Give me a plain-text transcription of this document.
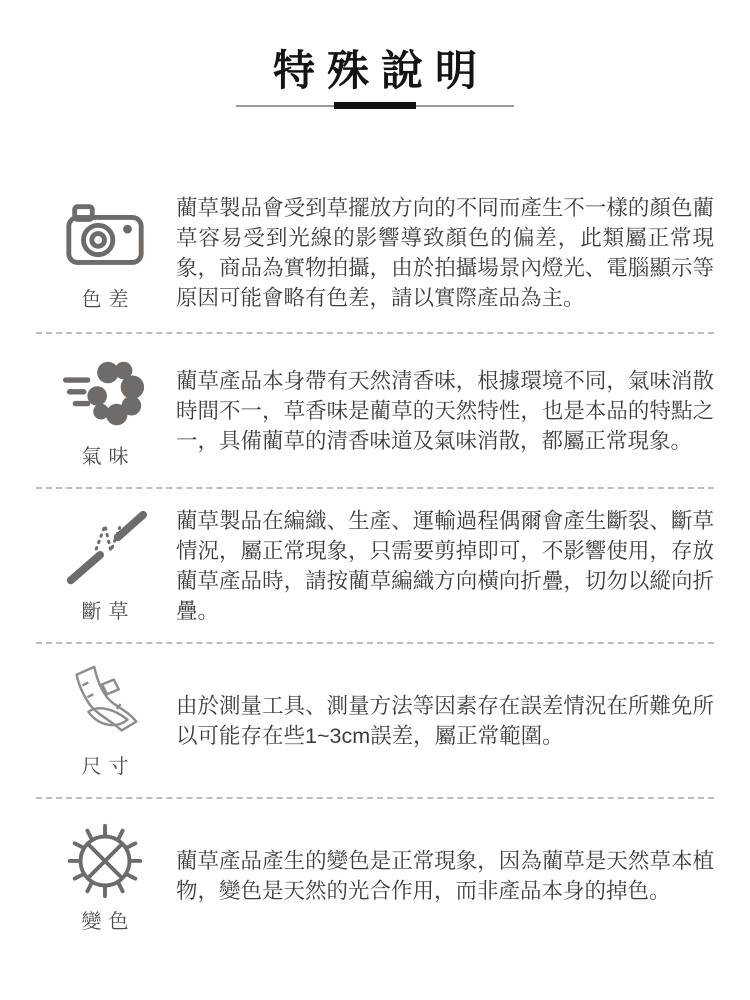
特殊說明
色差

藺草製品會受到草擺放方向的不同而產生不一樣的顏色藺草容易受到光線的影響導致顏色的偏差，此類屬正常現象，商品為實物拍攝，由於拍攝場景內燈光、電腦顯示等原因可能會略有色差，請以實際產品為主。

氣味

藺草產品本身帶有天然清香味，根據環境不同，氣味消散時間不一，草香味是藺草的天然特性，也是本品的特點之一，具備藺草的清香味道及氣味消散，都屬正常現象。

斷草

藺草製品在編織、生產、運輸過程偶爾會產生斷裂、斷草情況，屬正常現象，只需要剪掉即可，不影響使用，存放藺草產品時，請按藺草編織方向橫向折疊，切勿以縱向折疊。

尺寸

由於測量工具、測量方法等因素存在誤差情況在所難免所以可能存在些1~3cm誤差，屬正常範圍。

變色

藺草產品產生的變色是正常現象，因為藺草是天然草本植物，變色是天然的光合作用，而非產品本身的掉色。
